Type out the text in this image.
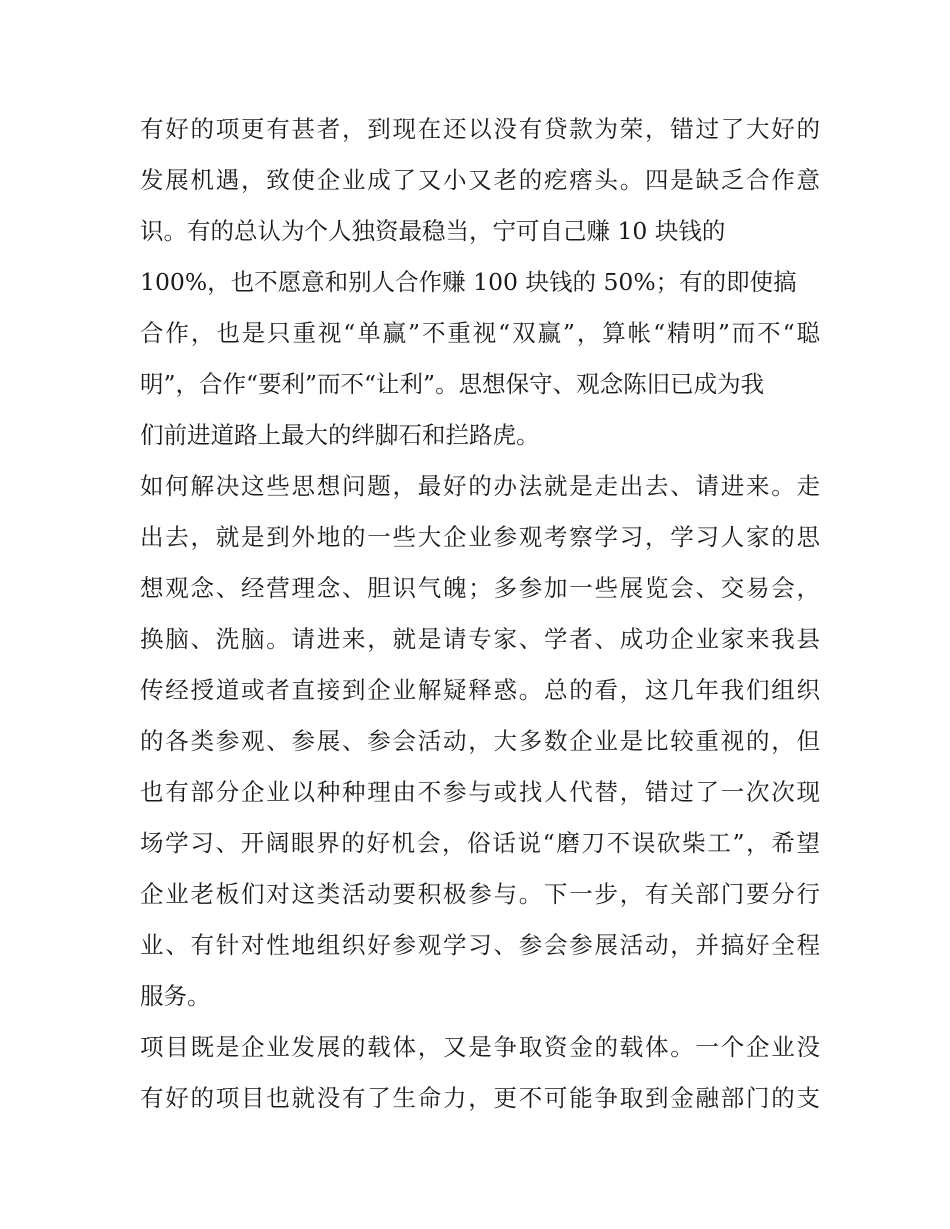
有好的项更有甚者，到现在还以没有贷款为荣，错过了大好的
发展机遇，致使企业成了又小又老的疙瘩头。四是缺乏合作意
识。有的总认为个人独资最稳当，宁可自己赚 10 块钱的
100%，也不愿意和别人合作赚 100 块钱的 50%；有的即使搞
合作，也是只重视“单赢”不重视“双赢”，算帐“精明”而不“聪
明”，合作“要利”而不“让利”。思想保守、观念陈旧已成为我
们前进道路上最大的绊脚石和拦路虎。
如何解决这些思想问题，最好的办法就是走出去、请进来。走
出去，就是到外地的一些大企业参观考察学习，学习人家的思
想观念、经营理念、胆识气魄；多参加一些展览会、交易会，
换脑、洗脑。请进来，就是请专家、学者、成功企业家来我县
传经授道或者直接到企业解疑释惑。总的看，这几年我们组织
的各类参观、参展、参会活动，大多数企业是比较重视的，但
也有部分企业以种种理由不参与或找人代替，错过了一次次现
场学习、开阔眼界的好机会，俗话说“磨刀不误砍柴工”，希望
企业老板们对这类活动要积极参与。下一步，有关部门要分行
业、有针对性地组织好参观学习、参会参展活动，并搞好全程
服务。
项目既是企业发展的载体，又是争取资金的载体。一个企业没
有好的项目也就没有了生命力，更不可能争取到金融部门的支
